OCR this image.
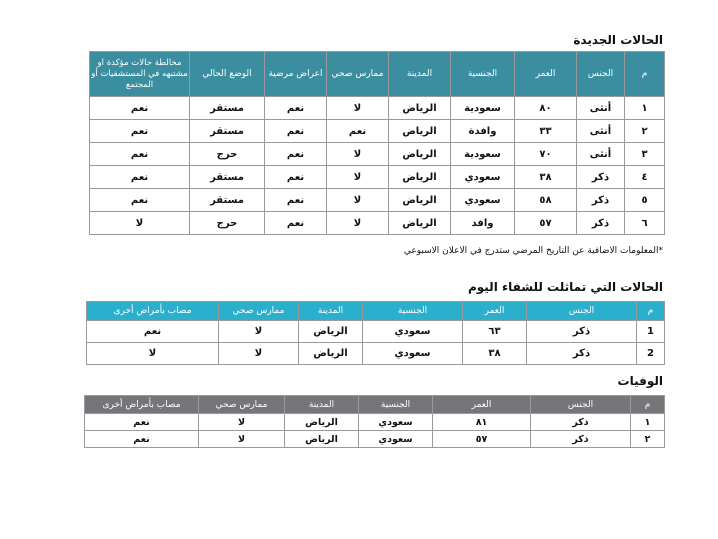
الحالات الجديدة
م	الجنس	العمر	الجنسية	المدينة	ممارس صحي	اعراض مرضية	الوضع الحالي	مخالطة حالات مؤكدة او مشتبهه في المستشفيات أو المجتمع
١	أنثى	٨٠	سعودية	الرياض	لا	نعم	مستقر	نعم
٢	أنثى	٣٣	وافدة	الرياض	نعم	نعم	مستقر	نعم
٣	أنثى	٧٠	سعودية	الرياض	لا	نعم	حرج	نعم
٤	ذكر	٣٨	سعودي	الرياض	لا	نعم	مستقر	نعم
٥	ذكر	٥٨	سعودي	الرياض	لا	نعم	مستقر	نعم
٦	ذكر	٥٧	وافد	الرياض	لا	نعم	حرج	لا
*المعلومات الاضافية عن التاريخ المرضي ستدرج في الاعلان الاسبوعي
الحالات التي تماثلت للشفاء اليوم
م	الجنس	العمر	الجنسية	المدينة	ممارس صحي	مصاب بأمراض أخرى
1	ذكر	٦٣	سعودي	الرياض	لا	نعم
2	ذكر	٣٨	سعودي	الرياض	لا	لا
الوفيات
م	الجنس	العمر	الجنسية	المدينة	ممارس صحي	مصاب بأمراض أخرى
١	ذكر	٨١	سعودي	الرياض	لا	نعم
٢	ذكر	٥٧	سعودي	الرياض	لا	نعم
